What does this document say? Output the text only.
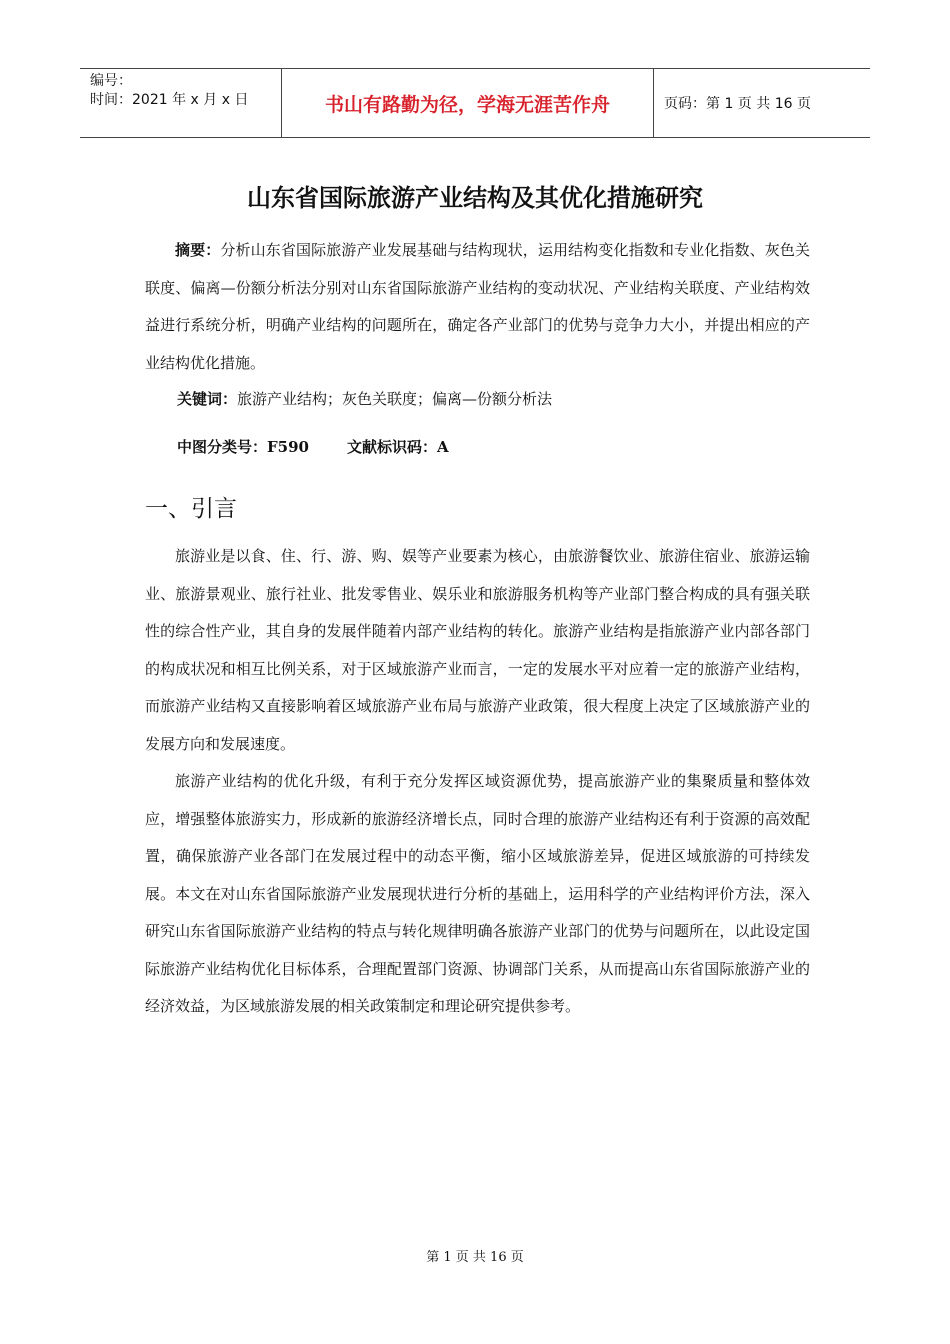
编号：
时间：2021 年 x 月 x 日	书山有路勤为径，学海无涯苦作舟	页码：第 1 页 共 16 页
山东省国际旅游产业结构及其优化措施研究
摘要：分析山东省国际旅游产业发展基础与结构现状，运用结构变化指数和专业化指数、灰色关联度、偏离—份额分析法分别对山东省国际旅游产业结构的变动状况、产业结构关联度、产业结构效益进行系统分析，明确产业结构的问题所在，确定各产业部门的优势与竞争力大小，并提出相应的产业结构优化措施。
关键词：旅游产业结构；灰色关联度；偏离—份额分析法
中图分类号：F590	文献标识码：A
一、引言
旅游业是以食、住、行、游、购、娱等产业要素为核心，由旅游餐饮业、旅游住宿业、旅游运输业、旅游景观业、旅行社业、批发零售业、娱乐业和旅游服务机构等产业部门整合构成的具有强关联性的综合性产业，其自身的发展伴随着内部产业结构的转化。旅游产业结构是指旅游产业内部各部门的构成状况和相互比例关系，对于区域旅游产业而言，一定的发展水平对应着一定的旅游产业结构，而旅游产业结构又直接影响着区域旅游产业布局与旅游产业政策，很大程度上决定了区域旅游产业的发展方向和发展速度。
旅游产业结构的优化升级，有利于充分发挥区域资源优势，提高旅游产业的集聚质量和整体效应，增强整体旅游实力，形成新的旅游经济增长点，同时合理的旅游产业结构还有利于资源的高效配置，确保旅游产业各部门在发展过程中的动态平衡，缩小区域旅游差异，促进区域旅游的可持续发展。本文在对山东省国际旅游产业发展现状进行分析的基础上，运用科学的产业结构评价方法，深入研究山东省国际旅游产业结构的特点与转化规律明确各旅游产业部门的优势与问题所在，以此设定国际旅游产业结构优化目标体系，合理配置部门资源、协调部门关系，从而提高山东省国际旅游产业的经济效益，为区域旅游发展的相关政策制定和理论研究提供参考。
第 1 页 共 16 页
